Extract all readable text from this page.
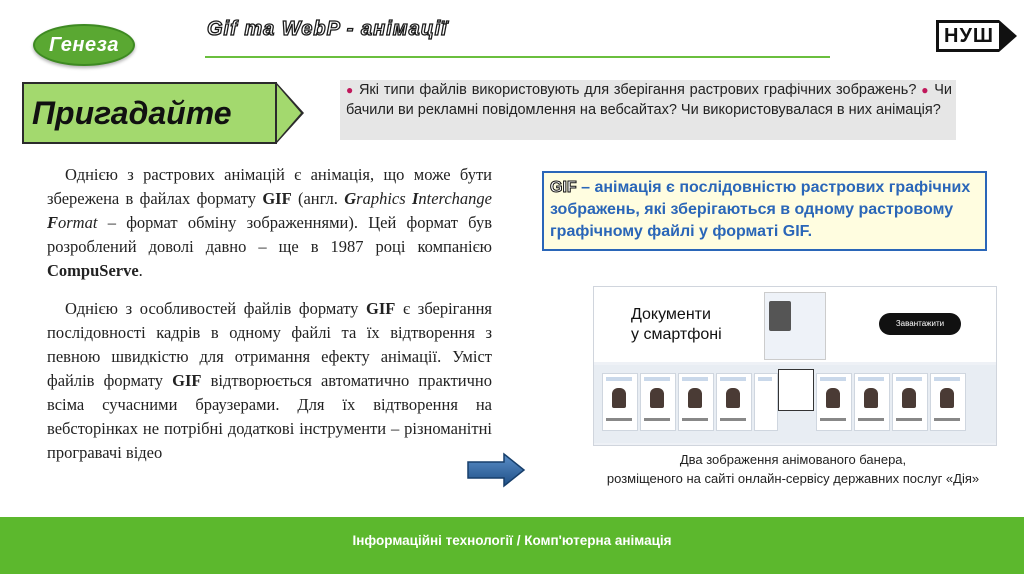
Генеза
Gif та WebP - анімації	НУШ
Пригадайте
● Які типи файлів використовують для зберігання растрових графічних зображень? ● Чи бачили ви рекламні повідомлення на вебсайтах? Чи використовувалася в них анімація?
Однією з растрових анімацій є анімація, що може бути збережена в файлах формату GIF (англ. Graphics Interchange Format – формат обміну зображеннями). Цей формат був розроблений доволі давно – ще в 1987 році компанією CompuServe.
Однією з особливостей файлів формату GIF є зберігання послідовності кадрів в одному файлі та їх відтворення з певною швидкістю для отримання ефекту анімації. Уміст файлів формату GIF відтворюється автоматично практично всіма сучасними браузерами. Для їх відтворення на вебсторінках не потрібні додаткові інструменти – різноманітні програвачі відео
GIF – анімація є послідовністю растрових графічних зображень, які зберігаються в одному растровому графічному файлі у форматі GIF.
Документи
у смартфоні
Завантажити
Два зображення анімованого банера,
розміщеного на сайті онлайн-сервісу державних послуг «Дія»
Інформаційні технології / Комп'ютерна анімація
